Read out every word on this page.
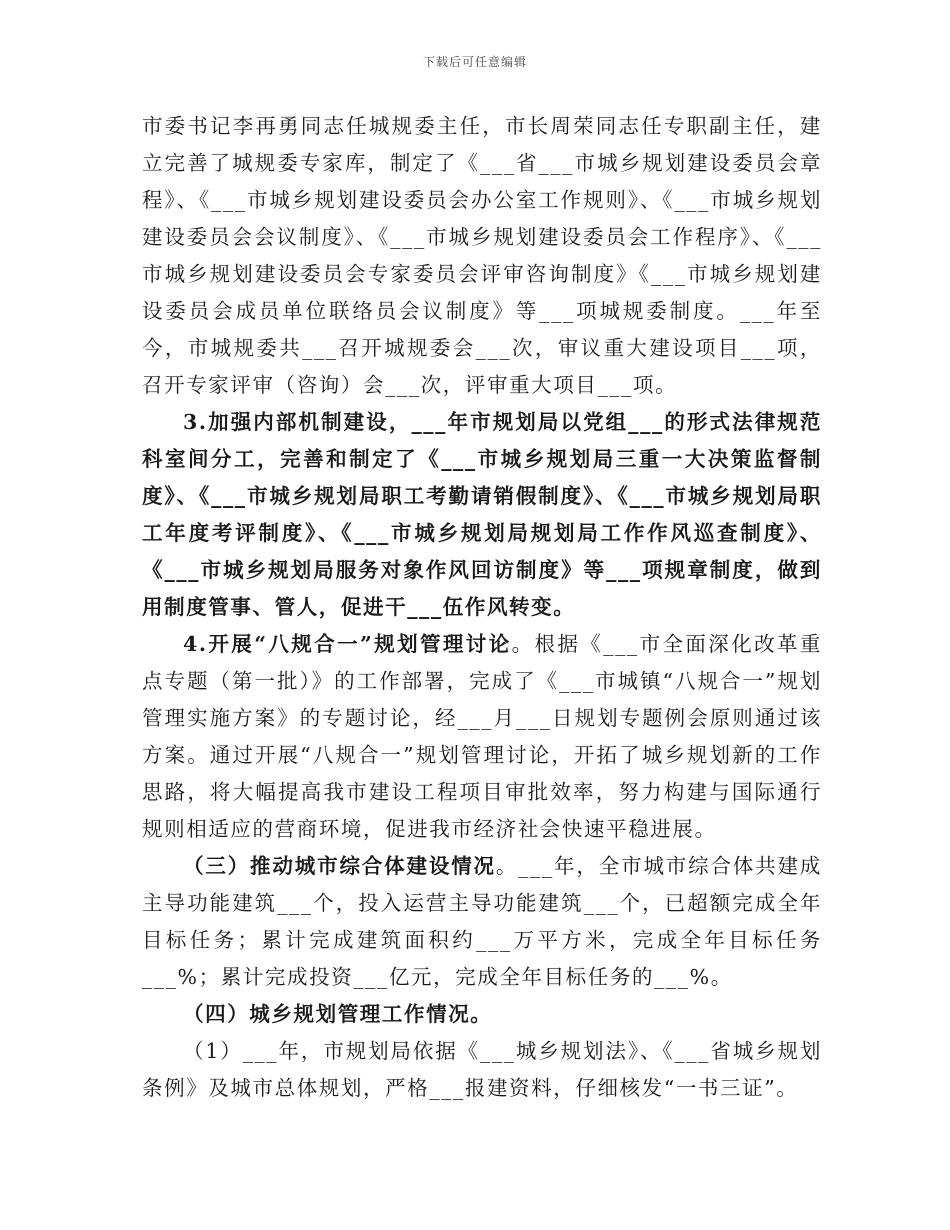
下载后可任意编辑

市委书记李再勇同志任城规委主任，市长周荣同志任专职副主任，建立完善了城规委专家库，制定了《___省___市城乡规划建设委员会章程》、《___市城乡规划建设委员会办公室工作规则》、《___市城乡规划建设委员会会议制度》、《___市城乡规划建设委员会工作程序》、《___市城乡规划建设委员会专家委员会评审咨询制度》《___市城乡规划建设委员会成员单位联络员会议制度》等___项城规委制度。___年至今，市城规委共___召开城规委会___次，审议重大建设项目___项，召开专家评审（咨询）会___次，评审重大项目___项。

3.加强内部机制建设，___年市规划局以党组___的形式法律规范科室间分工，完善和制定了《___市城乡规划局三重一大决策监督制度》、《___市城乡规划局职工考勤请销假制度》、《___市城乡规划局职工年度考评制度》、《___市城乡规划局规划局工作作风巡查制度》、《___市城乡规划局服务对象作风回访制度》等___项规章制度，做到用制度管事、管人，促进干___伍作风转变。

4.开展“八规合一”规划管理讨论。根据《___市全面深化改革重点专题（第一批）》的工作部署，完成了《___市城镇“八规合一”规划管理实施方案》的专题讨论，经___月___日规划专题例会原则通过该方案。通过开展“八规合一”规划管理讨论，开拓了城乡规划新的工作思路，将大幅提高我市建设工程项目审批效率，努力构建与国际通行规则相适应的营商环境，促进我市经济社会快速平稳进展。

（三）推动城市综合体建设情况。___年，全市城市综合体共建成主导功能建筑___个，投入运营主导功能建筑___个，已超额完成全年目标任务；累计完成建筑面积约___万平方米，完成全年目标任务___%；累计完成投资___亿元，完成全年目标任务的___%。

（四）城乡规划管理工作情况。

（1）___年，市规划局依据《___城乡规划法》、《___省城乡规划条例》及城市总体规划，严格___报建资料，仔细核发“一书三证”。
